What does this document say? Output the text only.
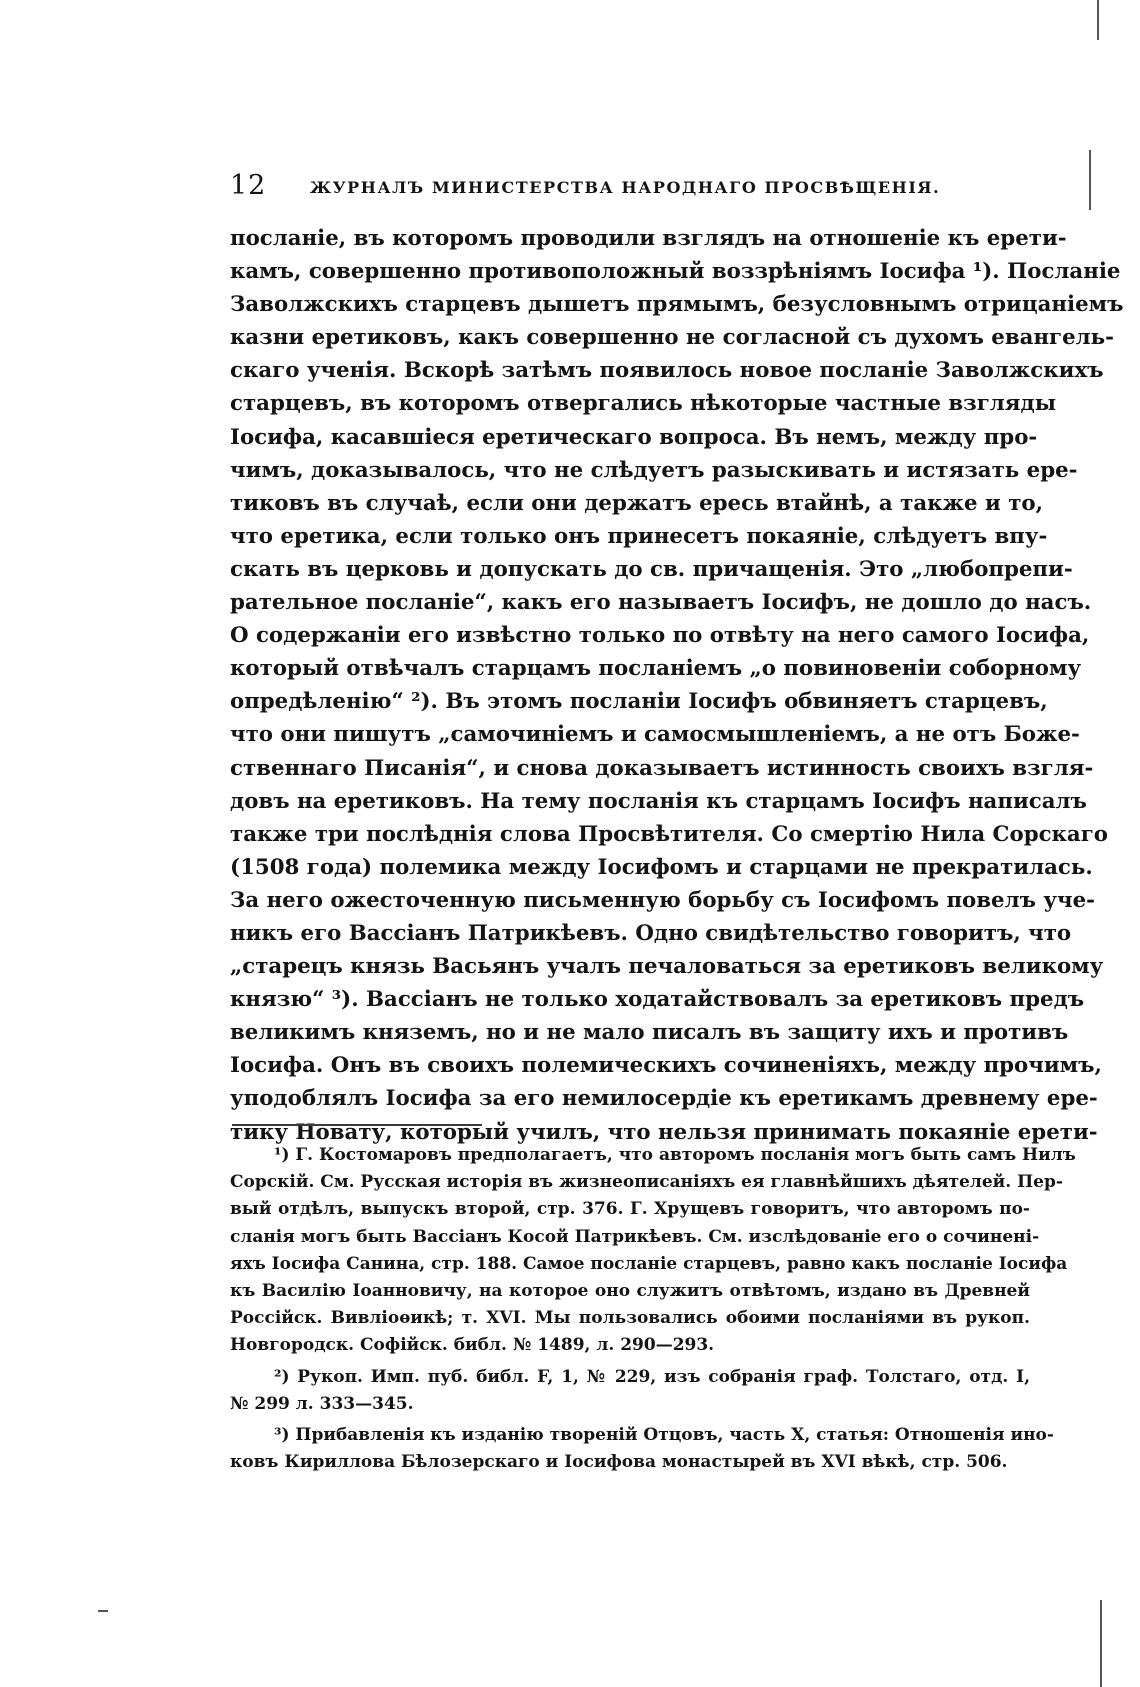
12	ЖУРНАЛЪ МИНИСТЕРСТВА НАРОДНАГО ПРОСВѢЩЕНІЯ.
посланіе, въ которомъ проводили взглядъ на отношеніе къ ерети-
камъ, совершенно противоположный воззрѣніямъ Іосифа ¹). Посланіе
Заволжскихъ старцевъ дышетъ прямымъ, безусловнымъ отрицаніемъ
казни еретиковъ, какъ совершенно не согласной съ духомъ евангель-
скаго ученія. Вскорѣ затѣмъ появилось новое посланіе Заволжскихъ
старцевъ, въ которомъ отвергались нѣкоторые частные взгляды
Іосифа, касавшіеся еретическаго вопроса. Въ немъ, между про-
чимъ, доказывалось, что не слѣдуетъ разыскивать и истязать ере-
тиковъ въ случаѣ, если они держатъ ересь втайнѣ, а также и то,
что еретика, если только онъ принесетъ покаяніе, слѣдуетъ впу-
скать въ церковь и допускать до св. причащенія. Это „любопрепи-
рательное посланіе“, какъ его называетъ Іосифъ, не дошло до насъ.
О содержаніи его извѣстно только по отвѣту на него самого Іосифа,
который отвѣчалъ старцамъ посланіемъ „о повиновеніи соборному
опредѣленію“ ²). Въ этомъ посланіи Іосифъ обвиняетъ старцевъ,
что они пишутъ „самочиніемъ и самосмышленіемъ, а не отъ Боже-
ственнаго Писанія“, и снова доказываетъ истинность своихъ взгля-
довъ на еретиковъ. На тему посланія къ старцамъ Іосифъ написалъ
также три послѣднія слова Просвѣтителя. Со смертію Нила Сорскаго
(1508 года) полемика между Іосифомъ и старцами не прекратилась.
За него ожесточенную письменную борьбу съ Іосифомъ повелъ уче-
никъ его Вассіанъ Патрикѣевъ. Одно свидѣтельство говоритъ, что
„старецъ князь Васьянъ учалъ печаловаться за еретиковъ великому
князю“ ³). Вассіанъ не только ходатайствовалъ за еретиковъ предъ
великимъ княземъ, но и не мало писалъ въ защиту ихъ и противъ
Іосифа. Онъ въ своихъ полемическихъ сочиненіяхъ, между прочимъ,
уподоблялъ Іосифа за его немилосердіе къ еретикамъ древнему ере-
тику Новату, который училъ, что нельзя принимать покаяніе ерети-
¹) Г. Костомаровъ предполагаетъ, что авторомъ посланія могъ быть самъ Нилъ
Сорскій. См. Русская исторія въ жизнеописаніяхъ ея главнѣйшихъ дѣятелей. Пер-
вый отдѣлъ, выпускъ второй, стр. 376. Г. Хрущевъ говоритъ, что авторомъ по-
сланія могъ быть Вассіанъ Косой Патрикѣевъ. См. изслѣдованіе его о сочинені-
яхъ Іосифа Санина, стр. 188. Самое посланіе старцевъ, равно какъ посланіе Іосифа
къ Василію Іоанновичу, на которое оно служитъ отвѣтомъ, издано въ Древней
Россійск. Вивліоѳикѣ; т. XVI. Мы пользовались обоими посланіями въ рукоп.
Новгородск. Софійск. библ. № 1489, л. 290—293.
²) Рукоп. Имп. пуб. библ. F, 1, № 229, изъ собранія граф. Толстаго, отд. I,
№ 299 л. 333—345.
³) Прибавленія къ изданію твореній Отцовъ, часть X, статья: Отношенія ино-
ковъ Кириллова Бѣлозерскаго и Іосифова монастырей въ XVI вѣкѣ, стр. 506.
